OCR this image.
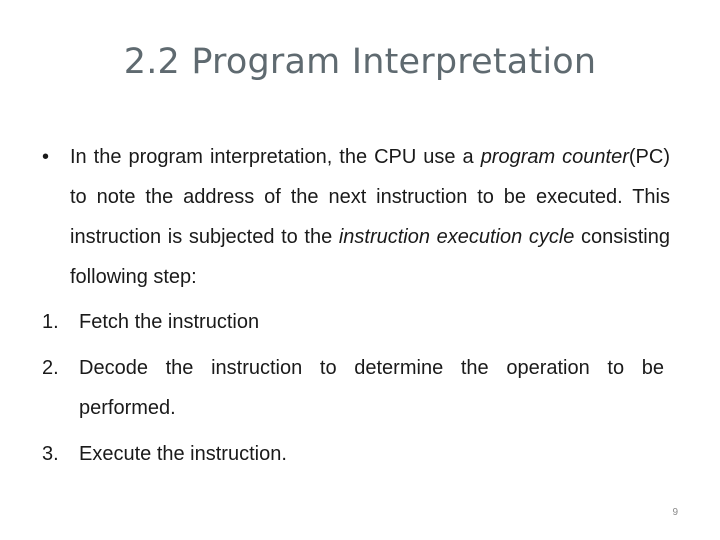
2.2 Program Interpretation
•	In the program interpretation, the CPU use a program counter(PC) to note the address of the next instruction to be executed. This instruction is subjected to the instruction execution cycle consisting following step:
1.	Fetch the instruction
2.	Decode the instruction to determine the operation to be performed.
3.	Execute the instruction.
9
